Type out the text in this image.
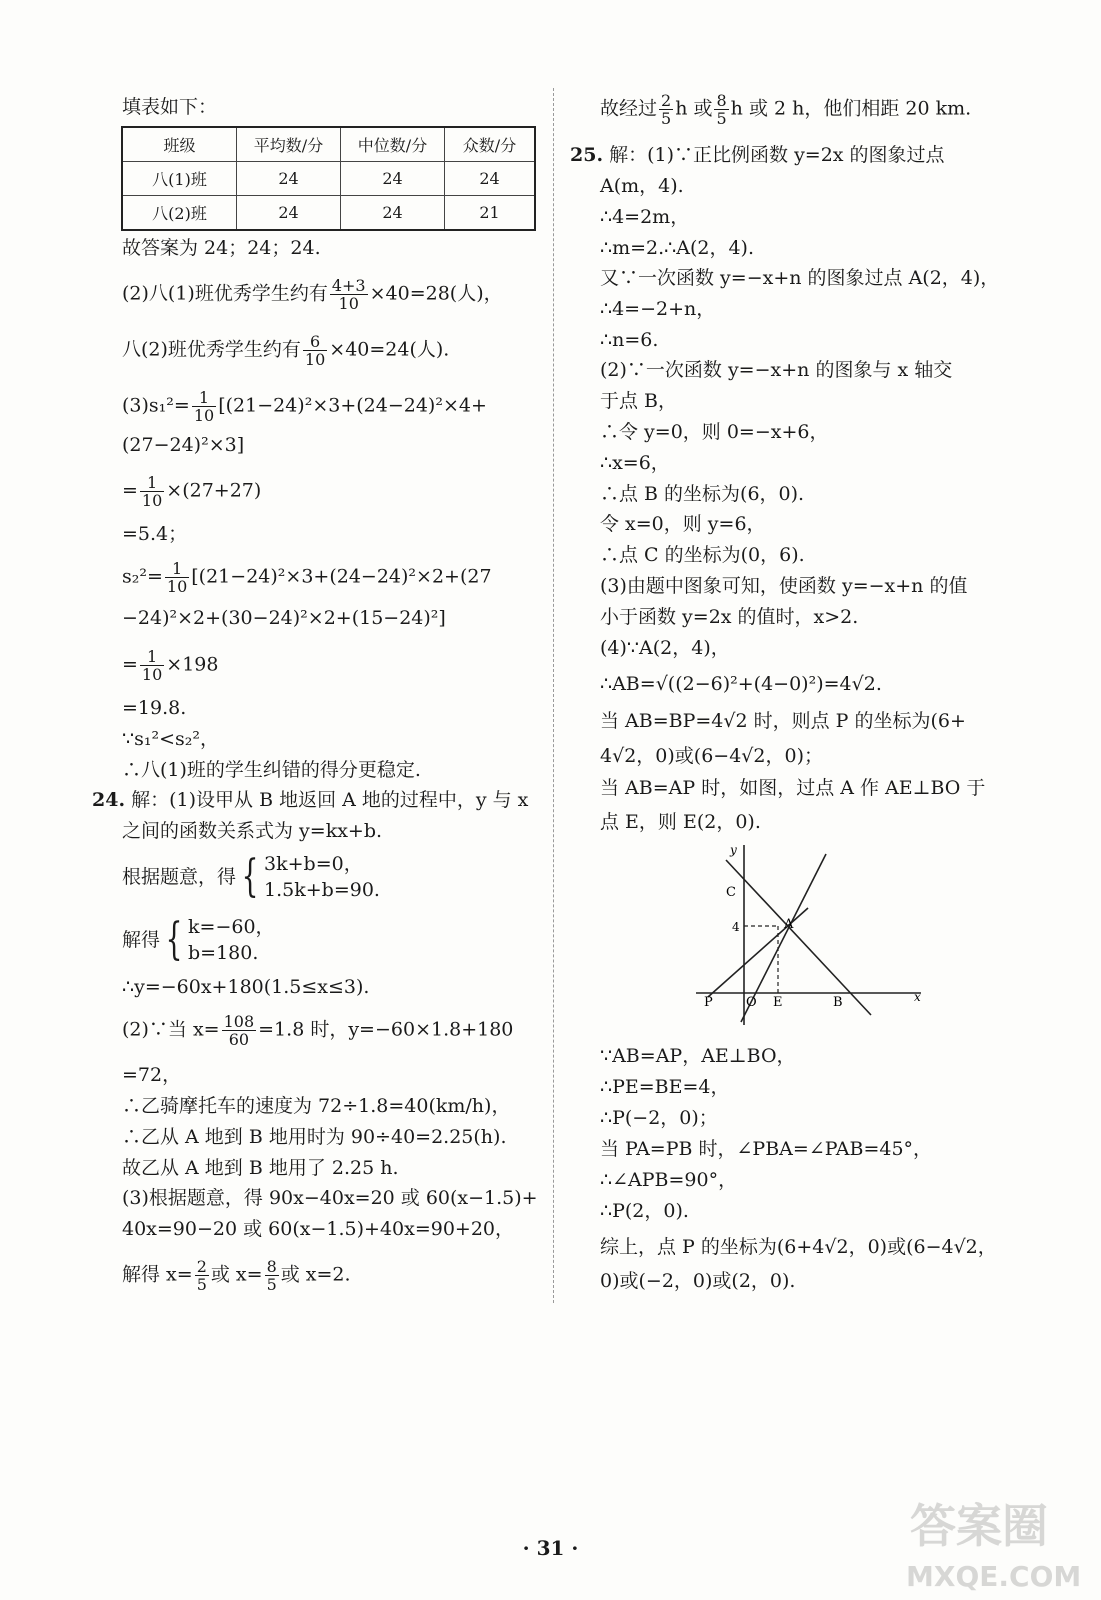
填表如下：
班级	平均数/分	中位数/分	众数/分
八(1)班	24	24	24
八(2)班	24	24	21
故答案为 24；24；24.
(2)八(1)班优秀学生约有 $\frac{4+3}{10} \times 40=28$(人)，
八(2)班优秀学生约有 $\frac{6}{10} \times 40=24$(人).
$(3)s_1^2= \frac{1}{10} [(21-24)^2\times 3+(24-24)^2\times 4+$
(27−24)²×3]
= $\frac{1}{10} \times(27+27)$
=5.4；
$s_2^2= \frac{1}{10} [(21-24)^2\times 3+(24-24)^2\times 2+(27$
−24)²×2+(30−24)²×2+(15−24)²]
= $\frac{1}{10} \times 198$
=19.8.
∵s₁²<s₂²，
∴八(1)班的学生纠错的得分更稳定.
24. 解：(1)设甲从 B 地返回 A 地的过程中，y 与 x
之间的函数关系式为 y=kx+b.
根据题意，得 { 3k+b=0，
1.5k+b=90.
解得 { k=−60，
b=180.
∴y=−60x+180(1.5≤x≤3).
(2)∵当 $x= \frac{108}{60} =1.8$ 时，y=−60×1.8+180
=72，
∴乙骑摩托车的速度为 72÷1.8=40(km/h)，
∴乙从 A 地到 B 地用时为 90÷40=2.25(h).
故乙从 A 地到 B 地用了 2.25 h.
(3)根据题意，得 90x−40x=20 或 60(x−1.5)+
40x=90−20 或 60(x−1.5)+40x=90+20，
解得 $x= \frac{2}{5}$ 或 $x= \frac{8}{5}$ 或 x=2.
故经过 $\frac{2}{5}$ h 或 $\frac{8}{5}$ h 或 2 h，他们相距 20 km.
25. 解：(1)∵正比例函数 y=2x 的图象过点
A(m，4).
∴4=2m，
∴m=2.∴A(2，4).
又∵一次函数 y=−x+n 的图象过点 A(2，4)，
∴4=−2+n，
∴n=6.
(2)∵一次函数 y=−x+n 的图象与 x 轴交
于点 B，
∴令 y=0，则 0=−x+6，
∴x=6，
∴点 B 的坐标为(6，0).
令 x=0，则 y=6，
∴点 C 的坐标为(0，6).
(3)由题中图象可知，使函数 y=−x+n 的值
小于函数 y=2x 的值时，x>2.
(4)∵A(2，4)，
∴AB=√((2−6)²+(4−0)²)=4√2.
当 AB=BP=4√2 时，则点 P 的坐标为(6+
4√2，0)或(6−4√2，0)；
当 AB=AP 时，如图，过点 A 作 AE⊥BO 于
点 E，则 E(2，0).
∵AB=AP，AE⊥BO，
∴PE=BE=4，
∴P(−2，0)；
当 PA=PB 时，∠PBA=∠PAB=45°，
∴∠APB=90°，
∴P(2，0).
综上，点 P 的坐标为(6+4√2，0)或(6−4√2，
0)或(−2，0)或(2，0).
y
x
C
4	A
P	O E	B
· 31 ·	答案圈
MXQE.COM
